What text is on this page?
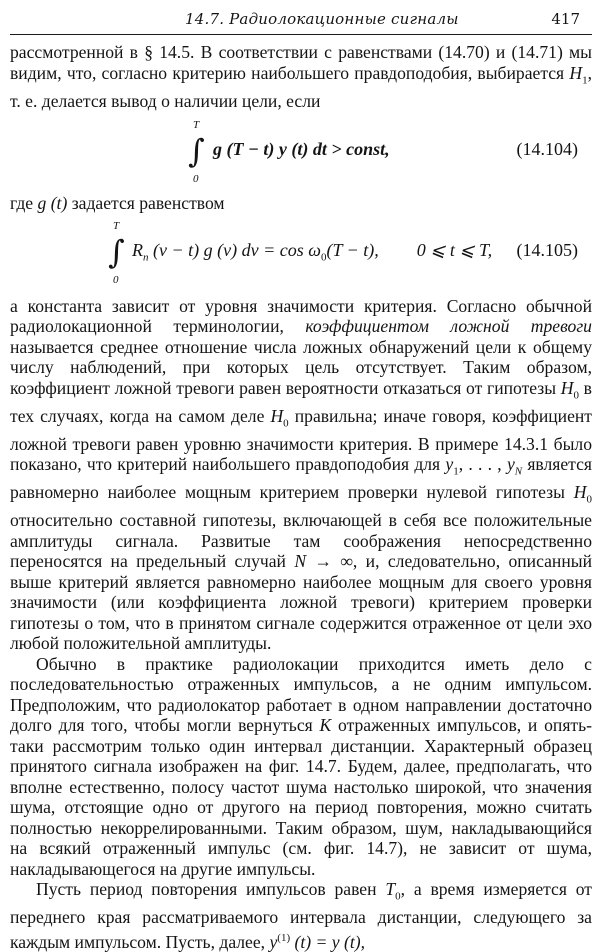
14.7. Радиолокационные сигналы	417

рассмотренной в § 14.5. В соответствии с равенствами (14.70) и (14.71) мы видим, что, согласно критерию наибольшего правдоподобия, выбирается $H_1$, т. е. делается вывод о наличии цели, если

T
∫
0
g (T − t) y (t) dt > const,	(14.104)

где g (t) задается равенством

T
∫
0
$R_n$ (v − t) g (v) dv = $\cos \omega_0(T - t)$, 0 ⩽ t ⩽ T, (14.105)

а константа зависит от уровня значимости критерия. Согласно обычной радиолокационной терминологии, коэффициентом ложной тревоги называется среднее отношение числа ложных обнаружений цели к общему числу наблюдений, при которых цель отсутствует. Таким образом, коэффициент ложной тревоги равен вероятности отказаться от гипотезы $H_0$ в тех случаях, когда на самом деле $H_0$ правильна; иначе говоря, коэффициент ложной тревоги равен уровню значимости критерия. В примере 14.3.1 было показано, что критерий наибольшего правдоподобия для $y_1$, . . . , $y_N$ является равномерно наиболее мощным критерием проверки нулевой гипотезы $H_0$ относительно составной гипотезы, включающей в себя все положительные амплитуды сигнала. Развитые там соображения непосредственно переносятся на предельный случай N → ∞, и, следовательно, описанный выше критерий является равномерно наиболее мощным для своего уровня значимости (или коэффициента ложной тревоги) критерием проверки гипотезы о том, что в принятом сигнале содержится отраженное от цели эхо любой положительной амплитуды.

Обычно в практике радиолокации приходится иметь дело с последовательностью отраженных импульсов, а не одним импульсом. Предположим, что радиолокатор работает в одном направлении достаточно долго для того, чтобы могли вернуться K отраженных импульсов, и опять-таки рассмотрим только один интервал дистанции. Характерный образец принятого сигнала изображен на фиг. 14.7. Будем, далее, предполагать, что вполне естественно, полосу частот шума настолько широкой, что значения шума, отстоящие одно от другого на период повторения, можно считать полностью некоррелированными. Таким образом, шум, накладывающийся на всякий отраженный импульс (см. фиг. 14.7), не зависит от шума, накладывающегося на другие импульсы.

Пусть период повторения импульсов равен $T_0$, а время измеряется от переднего края рассматриваемого интервала дистанции, следующего за каждым импульсом. Пусть, далее, $y^{(1)}$ (t) = y (t),
